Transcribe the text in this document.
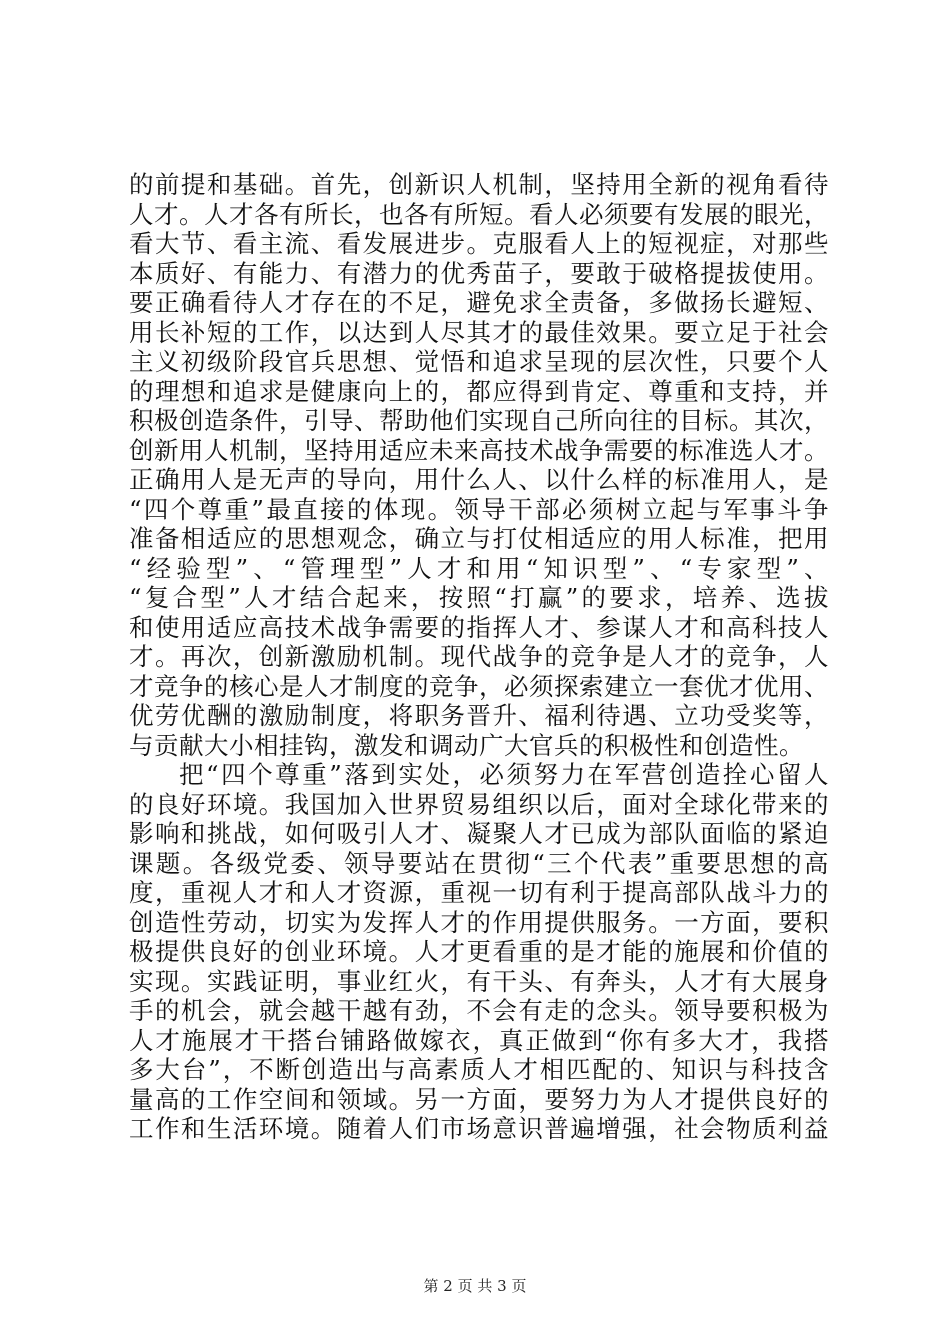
的前提和基础。首先，创新识人机制，坚持用全新的视角看待
人才。人才各有所长，也各有所短。看人必须要有发展的眼光，
看大节、看主流、看发展进步。克服看人上的短视症，对那些
本质好、有能力、有潜力的优秀苗子，要敢于破格提拔使用。
要正确看待人才存在的不足，避免求全责备，多做扬长避短、
用长补短的工作，以达到人尽其才的最佳效果。要立足于社会
主义初级阶段官兵思想、觉悟和追求呈现的层次性，只要个人
的理想和追求是健康向上的，都应得到肯定、尊重和支持，并
积极创造条件，引导、帮助他们实现自己所向往的目标。其次，
创新用人机制，坚持用适应未来高技术战争需要的标准选人才。
正确用人是无声的导向，用什么人、以什么样的标准用人，是
“四个尊重”最直接的体现。领导干部必须树立起与军事斗争
准备相适应的思想观念，确立与打仗相适应的用人标准，把用
“经验型”、“管理型”人才和用“知识型”、“专家型”、
“复合型”人才结合起来，按照“打赢”的要求，培养、选拔
和使用适应高技术战争需要的指挥人才、参谋人才和高科技人
才。再次，创新激励机制。现代战争的竞争是人才的竞争，人
才竞争的核心是人才制度的竞争，必须探索建立一套优才优用、
优劳优酬的激励制度，将职务晋升、福利待遇、立功受奖等，
与贡献大小相挂钩，激发和调动广大官兵的积极性和创造性。
把“四个尊重”落到实处，必须努力在军营创造拴心留人
的良好环境。我国加入世界贸易组织以后，面对全球化带来的
影响和挑战，如何吸引人才、凝聚人才已成为部队面临的紧迫
课题。各级党委、领导要站在贯彻“三个代表”重要思想的高
度，重视人才和人才资源，重视一切有利于提高部队战斗力的
创造性劳动，切实为发挥人才的作用提供服务。一方面，要积
极提供良好的创业环境。人才更看重的是才能的施展和价值的
实现。实践证明，事业红火，有干头、有奔头，人才有大展身
手的机会，就会越干越有劲，不会有走的念头。领导要积极为
人才施展才干搭台铺路做嫁衣，真正做到“你有多大才，我搭
多大台”，不断创造出与高素质人才相匹配的、知识与科技含
量高的工作空间和领域。另一方面，要努力为人才提供良好的
工作和生活环境。随着人们市场意识普遍增强，社会物质利益
第 2 页 共 3 页
